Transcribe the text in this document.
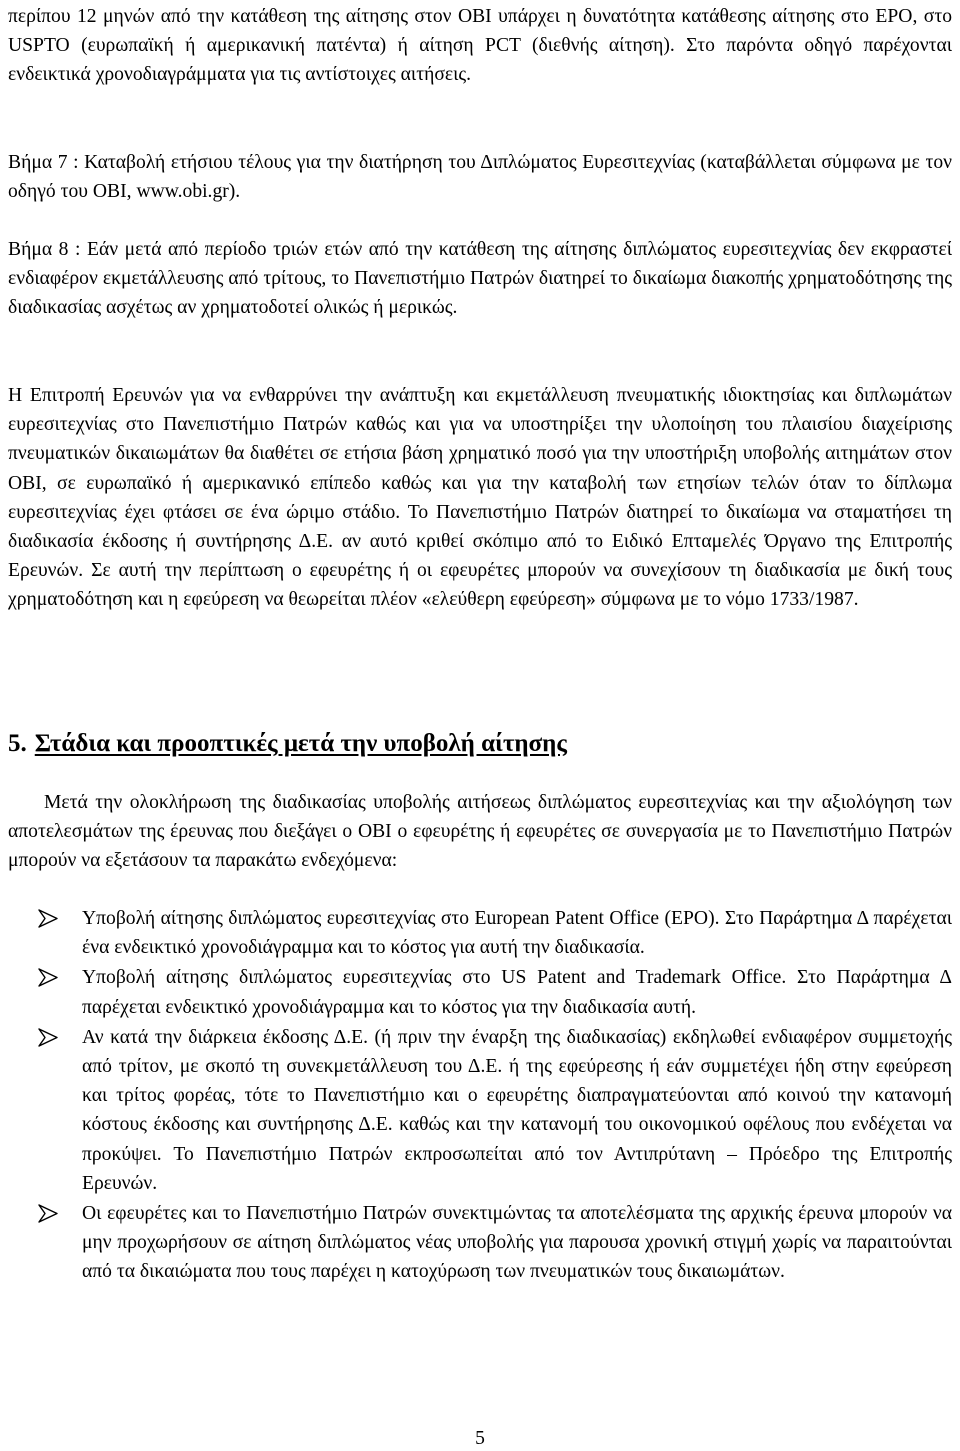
περίπου 12 μηνών από την κατάθεση της αίτησης στον ΟΒΙ υπάρχει η δυνατότητα κατάθεσης αίτησης στο EPO, στο USPTO (ευρωπαϊκή ή αμερικανική πατέντα) ή αίτηση PCT (διεθνής αίτηση). Στο παρόντα οδηγό παρέχονται ενδεικτικά χρονοδιαγράμματα για τις αντίστοιχες αιτήσεις.

Βήμα 7 : Καταβολή ετήσιου τέλους για την διατήρηση του Διπλώματος Ευρεσιτεχνίας (καταβάλλεται σύμφωνα με τον οδηγό του ΟΒΙ, www.obi.gr).

Βήμα 8 : Εάν μετά από περίοδο τριών ετών από την κατάθεση της αίτησης διπλώματος ευρεσιτεχνίας δεν εκφραστεί ενδιαφέρον εκμετάλλευσης από τρίτους, το Πανεπιστήμιο Πατρών διατηρεί το δικαίωμα διακοπής χρηματοδότησης της διαδικασίας ασχέτως αν χρηματοδοτεί ολικώς ή μερικώς.

Η Επιτροπή Ερευνών για να ενθαρρύνει την ανάπτυξη και εκμετάλλευση πνευματικής ιδιοκτησίας και διπλωμάτων ευρεσιτεχνίας στο Πανεπιστήμιο Πατρών καθώς και για να υποστηρίξει την υλοποίηση του πλαισίου διαχείρισης πνευματικών δικαιωμάτων θα διαθέτει σε ετήσια βάση χρηματικό ποσό για την υποστήριξη υποβολής αιτημάτων στον ΟΒΙ, σε ευρωπαϊκό ή αμερικανικό επίπεδο καθώς και για την καταβολή των ετησίων τελών όταν το δίπλωμα ευρεσιτεχνίας έχει φτάσει σε ένα ώριμο στάδιο. Το Πανεπιστήμιο Πατρών διατηρεί το δικαίωμα να σταματήσει τη διαδικασία έκδοσης ή συντήρησης Δ.Ε. αν αυτό κριθεί σκόπιμο από το Ειδικό Επταμελές Όργανο της Επιτροπής Ερευνών. Σε αυτή την περίπτωση ο εφευρέτης ή οι εφευρέτες μπορούν να συνεχίσουν τη διαδικασία με δική τους χρηματοδότηση και η εφεύρεση να θεωρείται πλέον «ελεύθερη εφεύρεση» σύμφωνα με το νόμο 1733/1987.

5. Στάδια και προοπτικές μετά την υποβολή αίτησης

Μετά την ολοκλήρωση της διαδικασίας υποβολής αιτήσεως διπλώματος ευρεσιτεχνίας και την αξιολόγηση των αποτελεσμάτων της έρευνας που διεξάγει ο ΟΒΙ ο εφευρέτης ή εφευρέτες σε συνεργασία με το Πανεπιστήμιο Πατρών μπορούν να εξετάσουν τα παρακάτω ενδεχόμενα:

Υποβολή αίτησης διπλώματος ευρεσιτεχνίας στο European Patent Office (EPO). Στο Παράρτημα Δ παρέχεται ένα ενδεικτικό χρονοδιάγραμμα και το κόστος για αυτή την διαδικασία.
Υποβολή αίτησης διπλώματος ευρεσιτεχνίας στο US Patent and Trademark Office. Στο Παράρτημα Δ παρέχεται ενδεικτικό χρονοδιάγραμμα και το κόστος για την διαδικασία αυτή.
Αν κατά την διάρκεια έκδοσης Δ.Ε. (ή πριν την έναρξη της διαδικασίας) εκδηλωθεί ενδιαφέρον συμμετοχής από τρίτον, με σκοπό τη συνεκμετάλλευση του Δ.Ε. ή της εφεύρεσης ή εάν συμμετέχει ήδη στην εφεύρεση και τρίτος φορέας, τότε το Πανεπιστήμιο και ο εφευρέτης διαπραγματεύονται από κοινού την κατανομή κόστους έκδοσης και συντήρησης Δ.Ε. καθώς και την κατανομή του οικονομικού οφέλους που ενδέχεται να προκύψει. Το Πανεπιστήμιο Πατρών εκπροσωπείται από τον Αντιπρύτανη – Πρόεδρο της Επιτροπής Ερευνών.
Οι εφευρέτες και το Πανεπιστήμιο Πατρών συνεκτιμώντας τα αποτελέσματα της αρχικής έρευνα μπορούν να μην προχωρήσουν σε αίτηση διπλώματος νέας υποβολής για παρουσα χρονική στιγμή χωρίς να παραιτούνται από τα δικαιώματα που τους παρέχει η κατοχύρωση των πνευματικών τους δικαιωμάτων.
5
